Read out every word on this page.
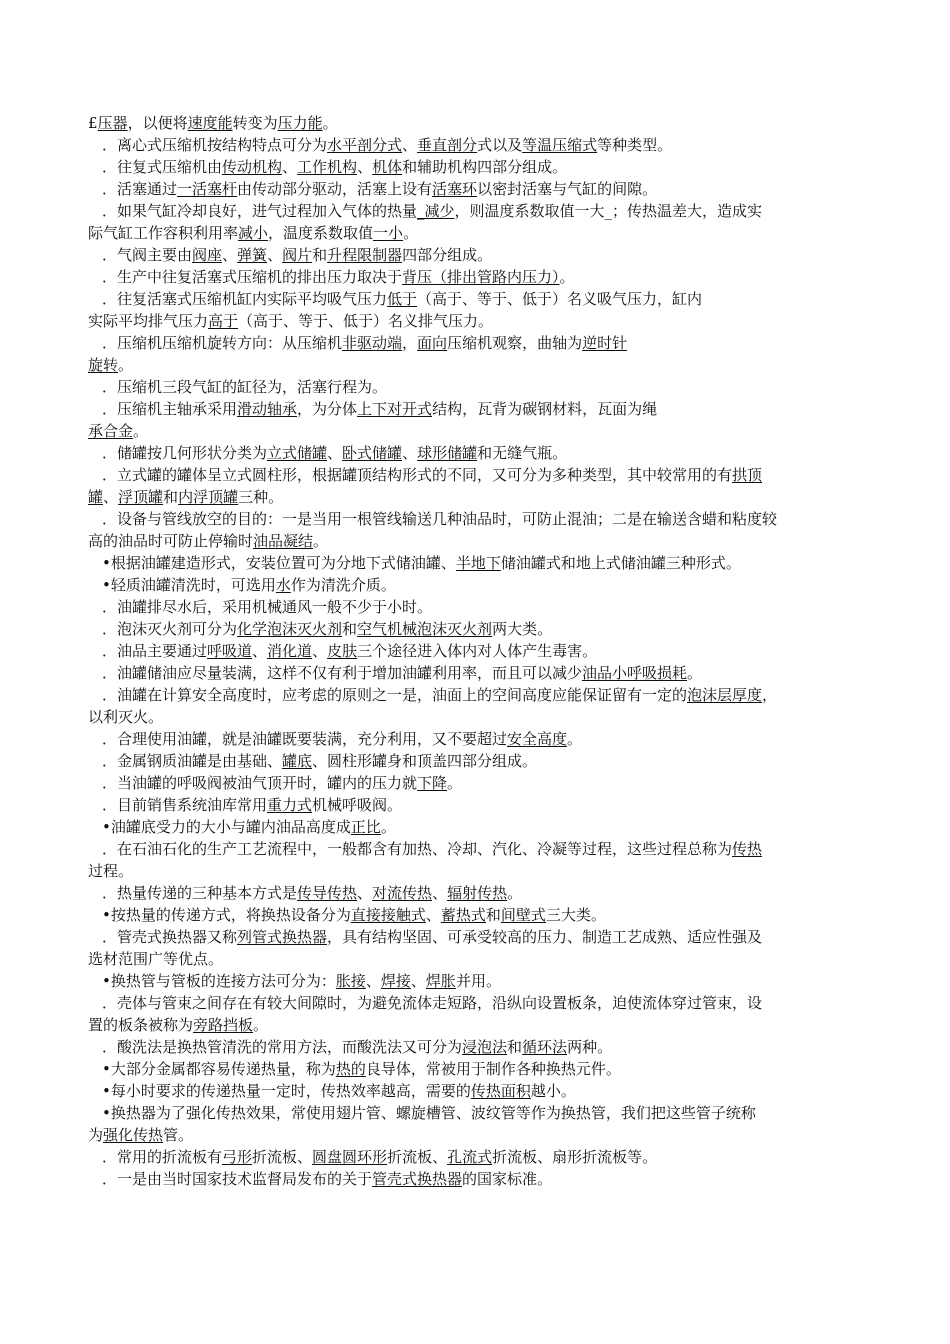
£压器，以便将速度能转变为压力能。
．离心式压缩机按结构特点可分为水平剖分式、垂直剖分式以及等温压缩式等种类型。
．往复式压缩机由传动机构、工作机构、机体和辅助机构四部分组成。
．活塞通过一活塞杆由传动部分驱动，活塞上设有活塞环以密封活塞与气缸的间隙。
．如果气缸冷却良好，进气过程加入气体的热量_减少，则温度系数取值一大_；传热温差大，造成实
际气缸工作容积利用率减小，温度系数取值一小。
．气阀主要由阀座、弹簧、阀片和升程限制器四部分组成。
．生产中往复活塞式压缩机的排出压力取决于背压（排出管路内压力）。
．往复活塞式压缩机缸内实际平均吸气压力低于（高于、等于、低于）名义吸气压力，缸内
实际平均排气压力高于（高于、等于、低于）名义排气压力。
．压缩机压缩机旋转方向：从压缩机非驱动端，面向压缩机观察，曲轴为逆时针
旋转。
．压缩机三段气缸的缸径为，活塞行程为。
．压缩机主轴承采用滑动轴承，为分体上下对开式结构，瓦背为碳钢材料，瓦面为绳
承合金。
．储罐按几何形状分类为立式储罐、卧式储罐、球形储罐和无缝气瓶。
．立式罐的罐体呈立式圆柱形，根据罐顶结构形式的不同，又可分为多种类型，其中较常用的有拱顶
罐、浮顶罐和内浮顶罐三种。
．设备与管线放空的目的：一是当用一根管线输送几种油品时，可防止混油；二是在输送含蜡和粘度较
高的油品时可防止停输时油品凝结。
•根据油罐建造形式，安装位置可为分地下式储油罐、半地下储油罐式和地上式储油罐三种形式。
•轻质油罐清洗时，可选用水作为清洗介质。
．油罐排尽水后，采用机械通风一般不少于小时。
．泡沫灭火剂可分为化学泡沫灭火剂和空气机械泡沫灭火剂两大类。
．油品主要通过呼吸道、消化道、皮肤三个途径进入体内对人体产生毒害。
．油罐储油应尽量装满，这样不仅有利于增加油罐利用率，而且可以减少油品小呼吸损耗。
．油罐在计算安全高度时，应考虑的原则之一是，油面上的空间高度应能保证留有一定的泡沫层厚度，
以利灭火。
．合理使用油罐，就是油罐既要装满，充分利用，又不要超过安全高度。
．金属钢质油罐是由基础、罐底、圆柱形罐身和顶盖四部分组成。
．当油罐的呼吸阀被油气顶开时，罐内的压力就下降。
．目前销售系统油库常用重力式机械呼吸阀。
•油罐底受力的大小与罐内油品高度成正比。
．在石油石化的生产工艺流程中，一般都含有加热、冷却、汽化、冷凝等过程，这些过程总称为传热
过程。
．热量传递的三种基本方式是传导传热、对流传热、辐射传热。
•按热量的传递方式，将换热设备分为直接接触式、蓄热式和间壁式三大类。
．管壳式换热器又称列管式换热器，具有结构坚固、可承受较高的压力、制造工艺成熟、适应性强及
选材范围广等优点。
•换热管与管板的连接方法可分为：胀接、焊接、焊胀并用。
．壳体与管束之间存在有较大间隙时，为避免流体走短路，沿纵向设置板条，迫使流体穿过管束，设
置的板条被称为旁路挡板。
．酸洗法是换热管清洗的常用方法，而酸洗法又可分为浸泡法和循环法两种。
•大部分金属都容易传递热量，称为热的良导体，常被用于制作各种换热元件。
•每小时要求的传递热量一定时，传热效率越高，需要的传热面积越小。
•换热器为了强化传热效果，常使用翅片管、螺旋槽管、波纹管等作为换热管，我们把这些管子统称
为强化传热管。
．常用的折流板有弓形折流板、圆盘圆环形折流板、孔流式折流板、扇形折流板等。
．一是由当时国家技术监督局发布的关于管壳式换热器的国家标准。
